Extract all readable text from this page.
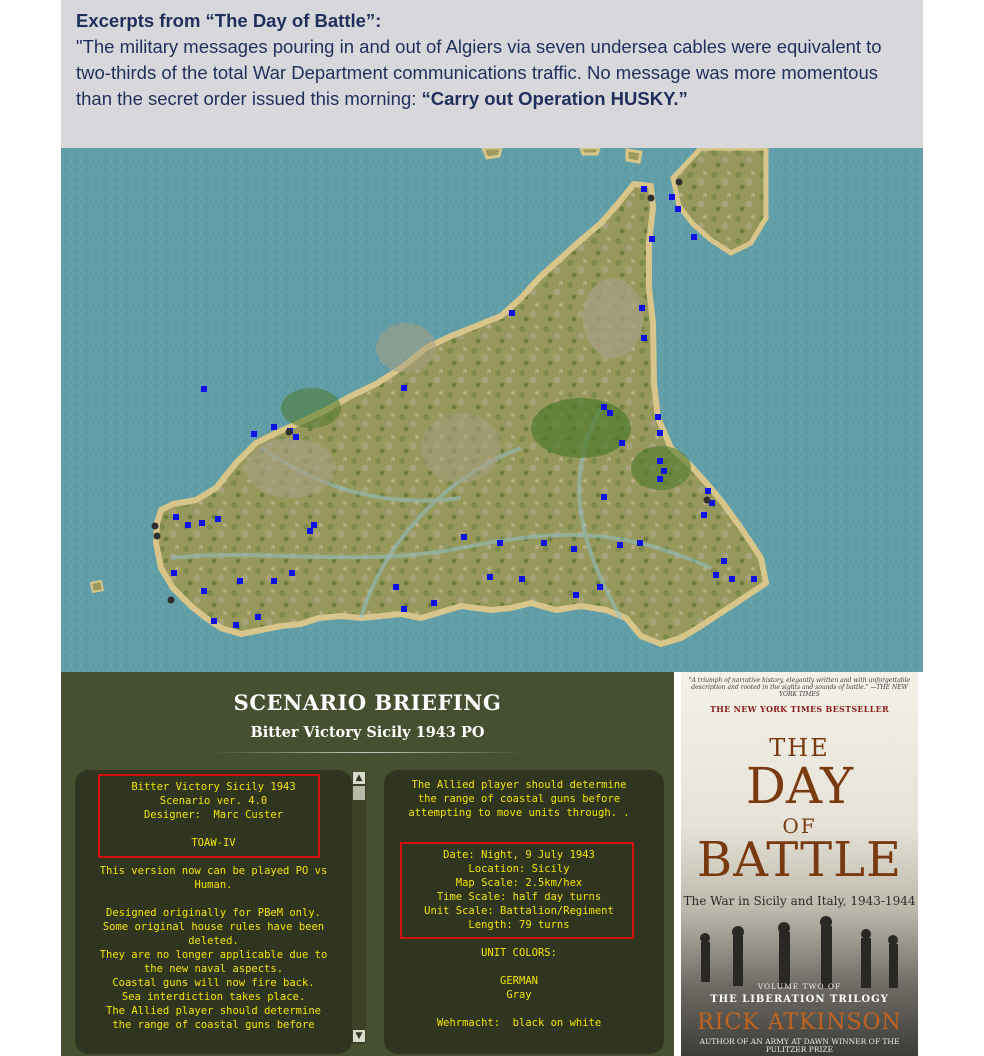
Excerpts from “The Day of Battle”:
"The military messages pouring in and out of Algiers via seven undersea cables were equivalent to two-thirds of the total War Department communications traffic. No message was more momentous than the secret order issued this morning: “Carry out Operation HUSKY.”
SCENARIO BRIEFING
Bitter Victory Sicily 1943 PO
Bitter Victory Sicily 1943
Scenario ver. 4.0
Designer:  Marc Custer

TOAW-IV
This version now can be played PO vs
Human.

Designed originally for PBeM only.
Some original house rules have been
deleted.
They are no longer applicable due to
the new naval aspects.
Coastal guns will now fire back.
Sea interdiction takes place.
The Allied player should determine
the range of coastal guns before
▲
▼
The Allied player should determine
the range of coastal guns before
attempting to move units through. .
Date: Night, 9 July 1943
Location: Sicily
Map Scale: 2.5km/hex
Time Scale: half day turns
Unit Scale: Battalion/Regiment
Length: 79 turns
UNIT COLORS:

GERMAN
Gray

Wehrmacht:  black on white
"A triumph of narrative history, elegantly written and with unforgettable description and rooted in the sights and sounds of battle." —THE NEW YORK TIMES
THE NEW YORK TIMES BESTSELLER
THE
DAY
OF
BATTLE
The War in Sicily and Italy, 1943-1944
VOLUME TWO OF
THE LIBERATION TRILOGY
RICK ATKINSON
AUTHOR OF AN ARMY AT DAWN WINNER OF THE PULITZER PRIZE
